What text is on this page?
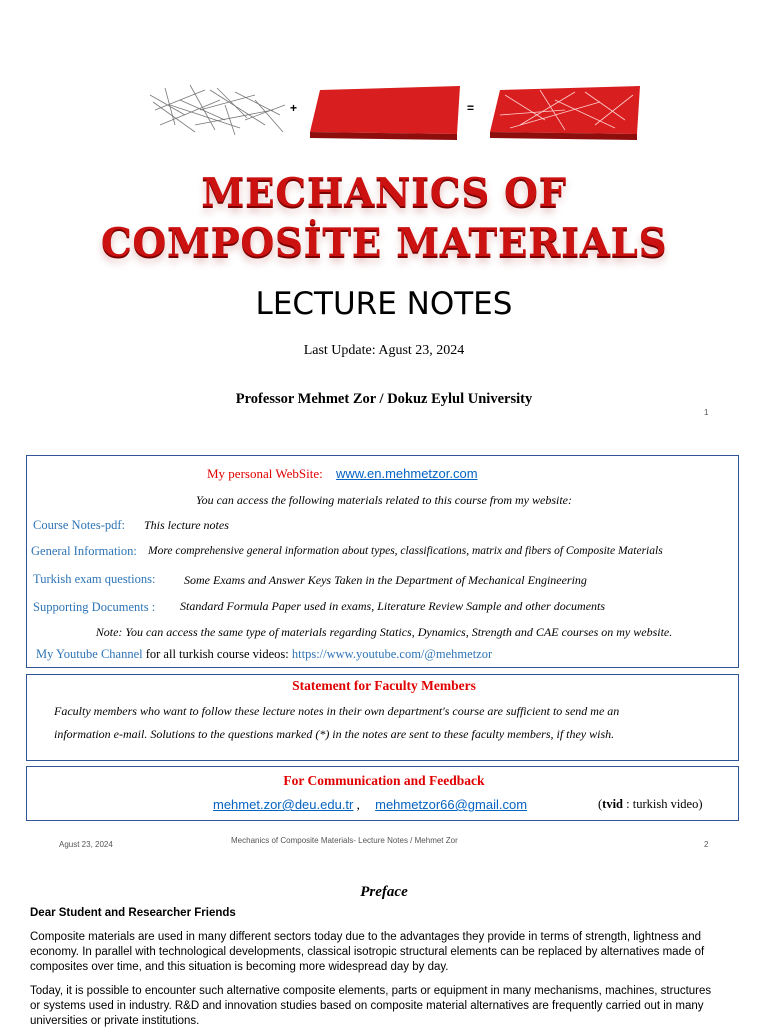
+	=
MECHANICS OF
COMPOSİTE MATERIALS
LECTURE NOTES
Last Update: Agust 23, 2024
Professor Mehmet Zor / Dokuz Eylul University
1
My personal WebSite: www.en.mehmetzor.com
You can access the following materials related to this course from my website:
Course Notes-pdf: This lecture notes
General Information: More comprehensive general information about types, classifications, matrix and fibers of Composite Materials
Turkish exam questions: Some Exams and Answer Keys Taken in the Department of Mechanical Engineering
Supporting Documents : Standard Formula Paper used in exams, Literature Review Sample and other documents
Note: You can access the same type of materials regarding Statics, Dynamics, Strength and CAE courses on my website.
My Youtube Channel for all turkish course videos: https://www.youtube.com/@mehmetzor
Statement for Faculty Members
Faculty members who want to follow these lecture notes in their own department's course are sufficient to send me an
information e-mail. Solutions to the questions marked (*) in the notes are sent to these faculty members, if they wish.
For Communication and Feedback
mehmet.zor@deu.edu.tr , mehmetzor66@gmail.com	(tvid : turkish video)
Agust 23, 2024	Mechanics of Composite Materials- Lecture Notes / Mehmet Zor	2
Preface
Dear Student and Researcher Friends
Composite materials are used in many different sectors today due to the advantages they provide in terms of strength, lightness and
economy. In parallel with technological developments, classical isotropic structural elements can be replaced by alternatives made of
composites over time, and this situation is becoming more widespread day by day.
Today, it is possible to encounter such alternative composite elements, parts or equipment in many mechanisms, machines, structures
or systems used in industry. R&D and innovation studies based on composite material alternatives are frequently carried out in many
universities or private institutions.
